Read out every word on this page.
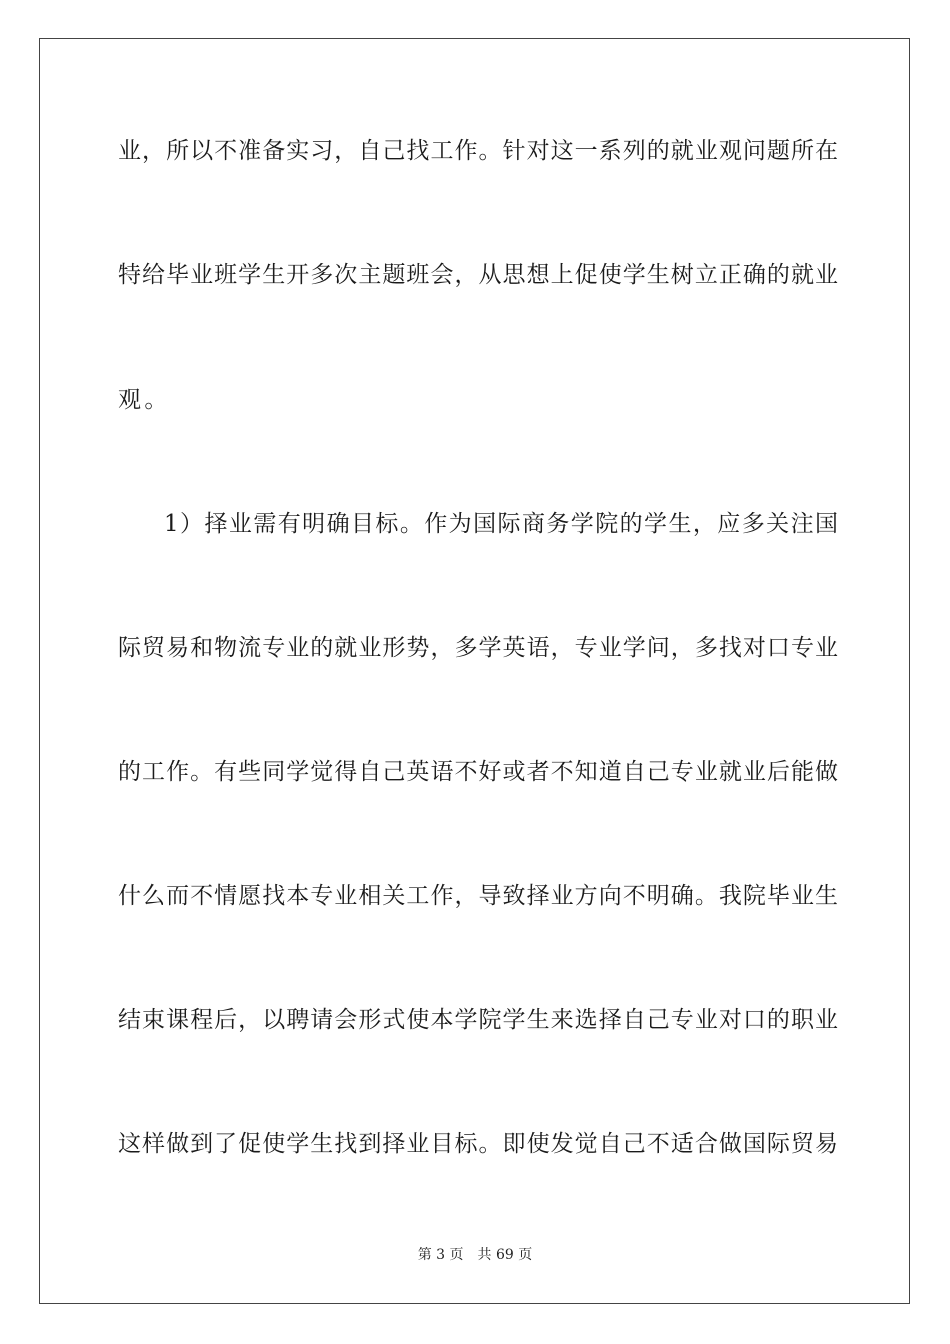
业，所以不准备实习，自己找工作。针对这一系列的就业观问题所在
特给毕业班学生开多次主题班会，从思想上促使学生树立正确的就业
观。
1）择业需有明确目标。作为国际商务学院的学生，应多关注国
际贸易和物流专业的就业形势，多学英语，专业学问，多找对口专业
的工作。有些同学觉得自己英语不好或者不知道自己专业就业后能做
什么而不情愿找本专业相关工作，导致择业方向不明确。我院毕业生
结束课程后，以聘请会形式使本学院学生来选择自己专业对口的职业
这样做到了促使学生找到择业目标。即使发觉自己不适合做国际贸易
第 3 页 共 69 页
